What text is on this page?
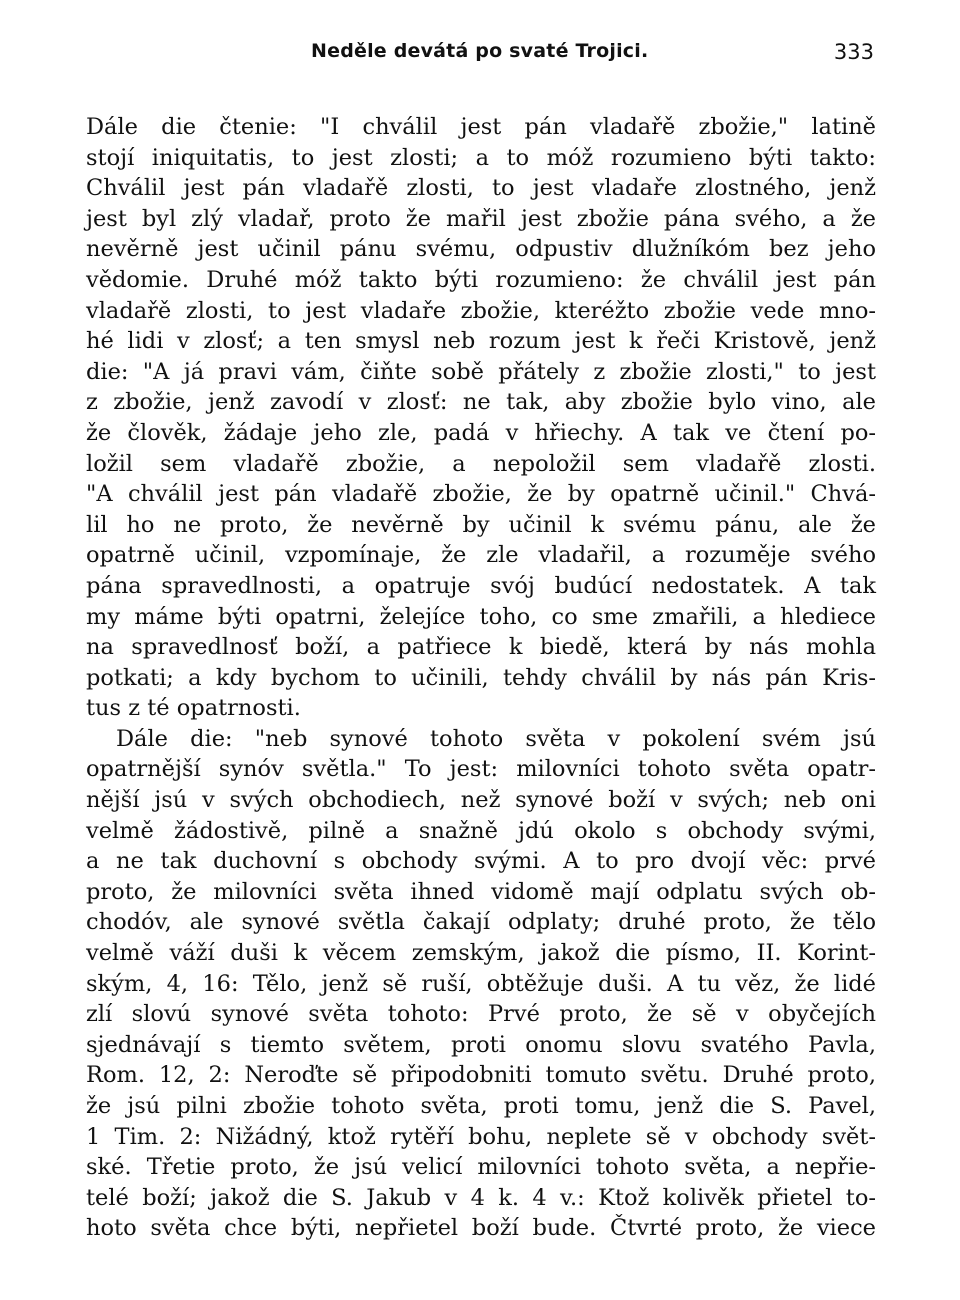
Neděle devátá po svaté Trojici.	333
Dále die čtenie: "I chválil jest pán vladařě zbožie," latině
stojí iniquitatis, to jest zlosti; a to móž rozumieno býti takto:
Chválil jest pán vladařě zlosti, to jest vladaře zlostného, jenž
jest byl zlý vladař, proto že mařil jest zbožie pána svého, a že
nevěrně jest učinil pánu svému, odpustiv dlužníkóm bez jeho
vědomie. Druhé móž takto býti rozumieno: že chválil jest pán
vladařě zlosti, to jest vladaře zbožie, kteréžto zbožie vede mno-
hé lidi v zlosť; a ten smysl neb rozum jest k řeči Kristově, jenž
die: "A já pravi vám, čiňte sobě přátely z zbožie zlosti," to jest
z zbožie, jenž zavodí v zlosť: ne tak, aby zbožie bylo vino, ale
že člověk, žádaje jeho zle, padá v hřiechy. A tak ve čtení po-
ložil sem vladařě zbožie, a nepoložil sem vladařě zlosti.
"A chválil jest pán vladařě zbožie, že by opatrně učinil." Chvá-
lil ho ne proto, že nevěrně by učinil k svému pánu, ale že
opatrně učinil, vzpomínaje, že zle vladařil, a rozuměje svého
pána spravedlnosti, a opatruje svój budúcí nedostatek. A tak
my máme býti opatrni, želejíce toho, co sme zmařili, a hlediece
na spravedlnosť boží, a patřiece k biedě, která by nás mohla
potkati; a kdy bychom to učinili, tehdy chválil by nás pán Kris-
tus z té opatrnosti.
Dále die: "neb synové tohoto světa v pokolení svém jsú
opatrnější synóv světla." To jest: milovníci tohoto světa opatr-
nější jsú v svých obchodiech, než synové boží v svých; neb oni
velmě žádostivě, pilně a snažně jdú okolo s obchody svými,
a ne tak duchovní s obchody svými. A to pro dvojí věc: prvé
proto, že milovníci světa ihned vidomě mají odplatu svých ob-
chodóv, ale synové světla čakají odplaty; druhé proto, že tělo
velmě váží duši k věcem zemským, jakož die písmo, II. Korint-
ským, 4, 16: Tělo, jenž sě ruší, obtěžuje duši. A tu věz, že lidé
zlí slovú synové světa tohoto: Prvé proto, že sě v obyčejích
sjednávají s tiemto světem, proti onomu slovu svatého Pavla,
Rom. 12, 2: Neroďte sě připodobniti tomuto světu. Druhé proto,
že jsú pilni zbožie tohoto světa, proti tomu, jenž die S. Pavel,
1 Tim. 2: Nižádný, ktož rytěří bohu, neplete sě v obchody svět-
ské. Třetie proto, že jsú velicí milovníci tohoto světa, a nepřie-
telé boží; jakož die S. Jakub v 4 k. 4 v.: Ktož kolivěk přietel to-
hoto světa chce býti, nepřietel boží bude. Čtvrté proto, že viece
